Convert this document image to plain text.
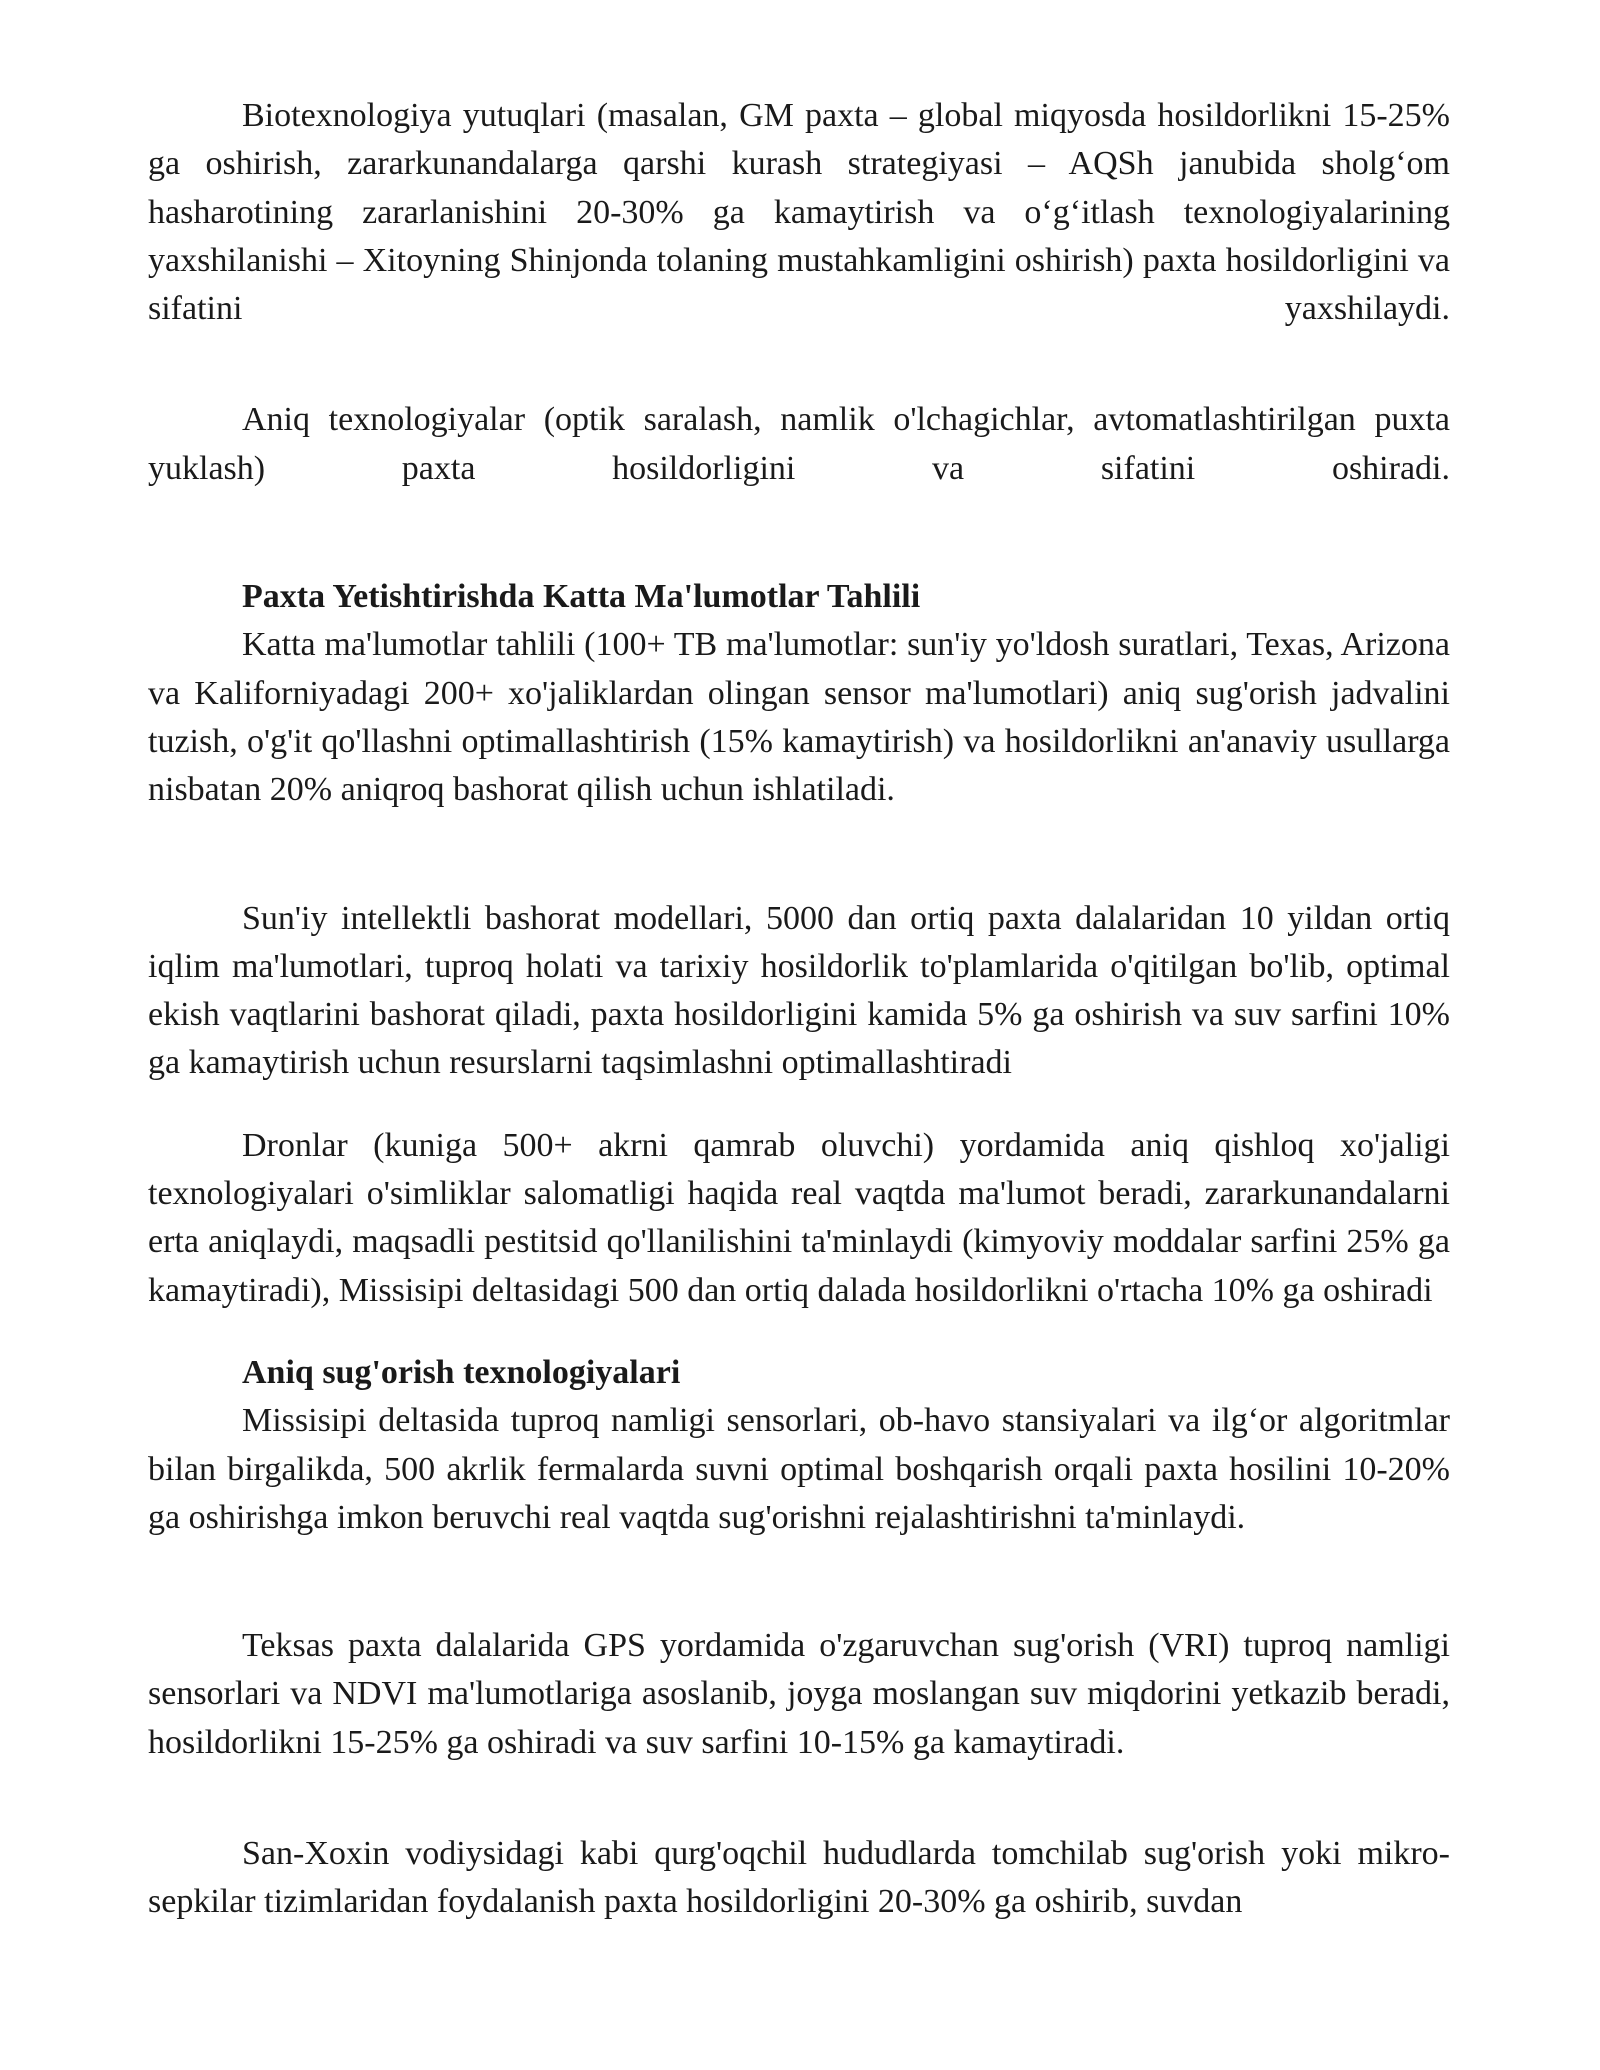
Biotexnologiya yutuqlari (masalan, GM paxta – global miqyosda hosildorlikni 15-25% ga oshirish, zararkunandalarga qarshi kurash strategiyasi – AQSh janubida sholg‘om hasharotining zararlanishini 20-30% ga kamaytirish va o‘g‘itlash texnologiyalarining yaxshilanishi – Xitoyning Shinjonda tolaning mustahkamligini oshirish) paxta hosildorligini va sifatini yaxshilaydi.

Aniq texnologiyalar (optik saralash, namlik o'lchagichlar, avtomatlashtirilgan puxta yuklash) paxta hosildorligini va sifatini oshiradi.

Paxta Yetishtirishda Katta Ma'lumotlar Tahlili

Katta ma'lumotlar tahlili (100+ TB ma'lumotlar: sun'iy yo'ldosh suratlari, Texas, Arizona va Kaliforniyadagi 200+ xo'jaliklardan olingan sensor ma'lumotlari) aniq sug'orish jadvalini tuzish, o'g'it qo'llashni optimallashtirish (15% kamaytirish) va hosildorlikni an'anaviy usullarga nisbatan 20% aniqroq bashorat qilish uchun ishlatiladi.

Sun'iy intellektli bashorat modellari, 5000 dan ortiq paxta dalalaridan 10 yildan ortiq iqlim ma'lumotlari, tuproq holati va tarixiy hosildorlik to'plamlarida o'qitilgan bo'lib, optimal ekish vaqtlarini bashorat qiladi, paxta hosildorligini kamida 5% ga oshirish va suv sarfini 10% ga kamaytirish uchun resurslarni taqsimlashni optimallashtiradi

Dronlar (kuniga 500+ akrni qamrab oluvchi) yordamida aniq qishloq xo'jaligi texnologiyalari o'simliklar salomatligi haqida real vaqtda ma'lumot beradi, zararkunandalarni erta aniqlaydi, maqsadli pestitsid qo'llanilishini ta'minlaydi (kimyoviy moddalar sarfini 25% ga kamaytiradi), Missisipi deltasidagi 500 dan ortiq dalada hosildorlikni o'rtacha 10% ga oshiradi

Aniq sug'orish texnologiyalari

Missisipi deltasida tuproq namligi sensorlari, ob-havo stansiyalari va ilg‘or algoritmlar bilan birgalikda, 500 akrlik fermalarda suvni optimal boshqarish orqali paxta hosilini 10-20% ga oshirishga imkon beruvchi real vaqtda sug'orishni rejalashtirishni ta'minlaydi.

Teksas paxta dalalarida GPS yordamida o'zgaruvchan sug'orish (VRI) tuproq namligi sensorlari va NDVI ma'lumotlariga asoslanib, joyga moslangan suv miqdorini yetkazib beradi, hosildorlikni 15-25% ga oshiradi va suv sarfini 10-15% ga kamaytiradi.

San-Xoxin vodiysidagi kabi qurg'oqchil hududlarda tomchilab sug'orish yoki mikro-sepkilar tizimlaridan foydalanish paxta hosildorligini 20-30% ga oshirib, suvdan
